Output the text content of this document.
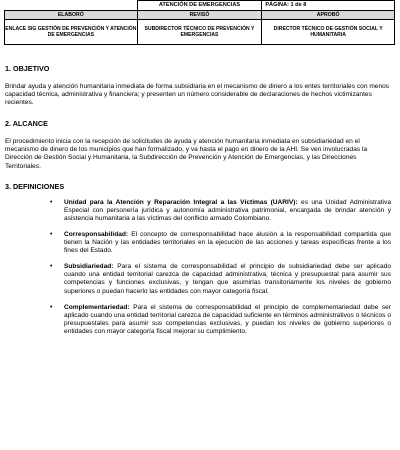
	ATENCIÓN DE EMERGENCIAS	PÁGINA: 1 de 8
ELABORÓ	REVISÓ	APROBÓ
ENLACE SIG GESTIÓN DE PREVENCIÓN Y ATENCIÓN DE EMERGENCIAS	SUBDIRECTOR TÉCNICO DE PREVENCIÓN Y EMERGENCIAS	DIRECTOR TÉCNICO DE GESTIÓN SOCIAL Y HUMANITARIA

1. OBJETIVO

Brindar ayuda y atención humanitaria inmediata de forma subsidiaria en el mecanismo de dinero a los entes territoriales con menos capacidad técnica, administrativa y financiera; y presenten un número considerable de declaraciones de hechos victimizantes recientes.

2. ALCANCE

El procedimiento inicia con la recepción de solicitudes de ayuda y atención humanitaria inmediata en subsidiariedad en el mecanismo de dinero de los municipios que han formalizado, y va hasta el pago en dinero de la AHI. Se ven involucradas la Dirección de Gestión Social y Humanitaria, la Subdirección de Prevención y Atención de Emergencias, y las Direcciones Territoriales.

3. DEFINICIONES

• Unidad para la Atención y Reparación Integral a las Víctimas (UARIV): es una Unidad Administrativa Especial con personería jurídica y autonomía administrativa patrimonial, encargada de brindar atención y asistencia humanitaria a las víctimas del conflicto armado Colombiano.
• Corresponsabilidad: El concepto de corresponsabilidad hace alusión a la responsabilidad compartida que tienen la Nación y las entidades territoriales en la ejecución de las acciones y tareas específicas frente a los fines del Estado.
• Subsidiariedad: Para el sistema de corresponsabilidad el principio de subsidiariedad debe ser aplicado cuando una entidad territorial carezca de capacidad administrativa, técnica y presupuestal para asumir sus competencias y funciones exclusivas, y tengan que asumirlas transitoriamente los niveles de gobierno superiores o puedan hacerlo las entidades con mayor categoría fiscal.
• Complementariedad: Para el sistema de corresponsabilidad el principio de complementariedad debe ser aplicado cuando una entidad territorial carezca de capacidad suficiente en términos administrativos o técnicos o presupuestales para asumir sus competencias exclusivas, y puedan los niveles de gobierno superiores o entidades con mayor categoría fiscal mejorar su cumplimiento.
